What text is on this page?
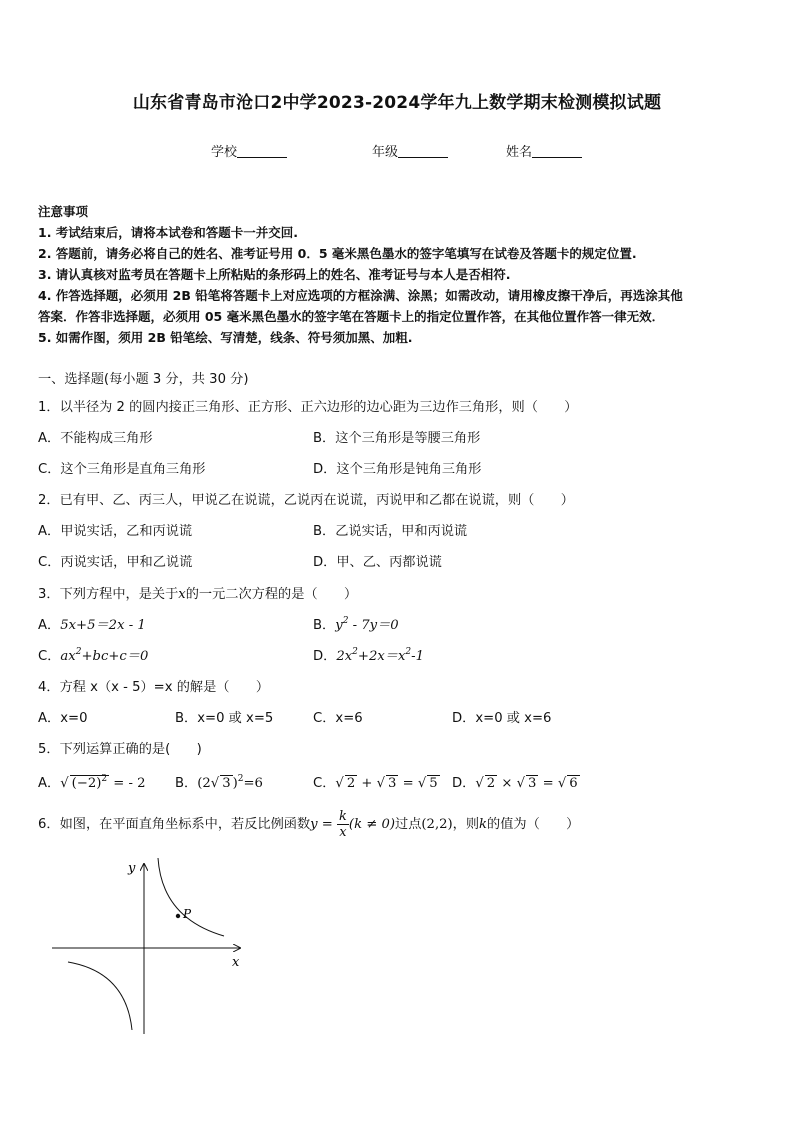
山东省青岛市沧口2中学2023-2024学年九上数学期末检测模拟试题
学校	年级	姓名
注意事项
1. 考试结束后，请将本试卷和答题卡一并交回.
2. 答题前，请务必将自己的姓名、准考证号用 0．5 毫米黑色墨水的签字笔填写在试卷及答题卡的规定位置.
3. 请认真核对监考员在答题卡上所粘贴的条形码上的姓名、准考证号与本人是否相符.
4. 作答选择题，必须用 2B 铅笔将答题卡上对应选项的方框涂满、涂黑；如需改动，请用橡皮擦干净后，再选涂其他
答案．作答非选择题，必须用 05 毫米黑色墨水的签字笔在答题卡上的指定位置作答，在其他位置作答一律无效．
5. 如需作图，须用 2B 铅笔绘、写清楚，线条、符号须加黑、加粗.
一、选择题(每小题 3 分，共 30 分)
1．以半径为 2 的圆内接正三角形、正方形、正六边形的边心距为三边作三角形，则（　　）
A．不能构成三角形	B．这个三角形是等腰三角形
C．这个三角形是直角三角形	D．这个三角形是钝角三角形
2．已有甲、乙、丙三人，甲说乙在说谎，乙说丙在说谎，丙说甲和乙都在说谎，则（　　）
A．甲说实话，乙和丙说谎	B．乙说实话，甲和丙说谎
C．丙说实话，甲和乙说谎	D．甲、乙、丙都说谎
3．下列方程中，是关于x的一元二次方程的是（　　）
A．5x+5＝2x - 1	B．$y^2 - 7y=0$
C．$ax^2+bc+c=0$	D．$2x^2+2x=x^2-1$
4．方程 x（x - 5）=x 的解是（　　）
A．x=0	B．x=0 或 x=5	C．x=6	D．x=0 或 x=6
5．下列运算正确的是(　　)
A．√ $(-2)^2$ = - 2 B．(2√ 3 )$^2$=6	C．√ 2 + √ 3 = √ 5 D．√ 2 × √ 3 = √ 6
6．如图，在平面直角坐标系中，若反比例函数$y = \frac{k}{x} (k \ne 0)$过点(2,2)，则k的值为（　　）
y
x
P
